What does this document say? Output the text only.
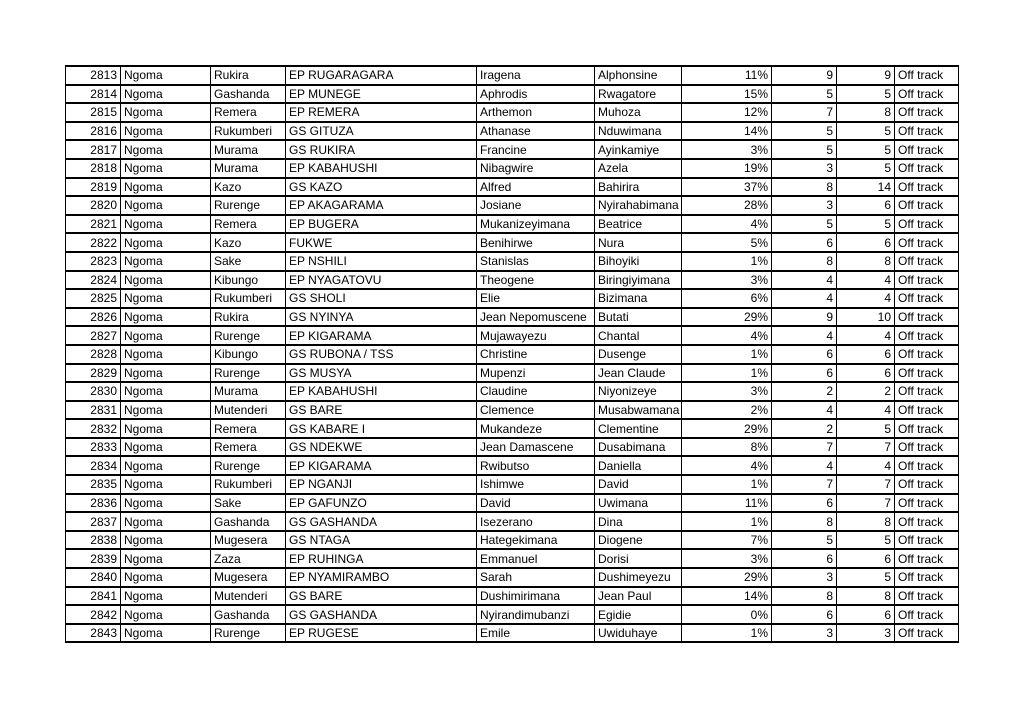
2813	Ngoma	Rukira	EP RUGARAGARA	Iragena	Alphonsine	11%	9	9	Off track
2814	Ngoma	Gashanda	EP MUNEGE	Aphrodis	Rwagatore	15%	5	5	Off track
2815	Ngoma	Remera	EP REMERA	Arthemon	Muhoza	12%	7	8	Off track
2816	Ngoma	Rukumberi	GS GITUZA	Athanase	Nduwimana	14%	5	5	Off track
2817	Ngoma	Murama	GS RUKIRA	Francine	Ayinkamiye	3%	5	5	Off track
2818	Ngoma	Murama	EP KABAHUSHI	Nibagwire	Azela	19%	3	5	Off track
2819	Ngoma	Kazo	GS KAZO	Alfred	Bahirira	37%	8	14	Off track
2820	Ngoma	Rurenge	EP AKAGARAMA	Josiane	Nyirahabimana	28%	3	6	Off track
2821	Ngoma	Remera	EP BUGERA	Mukanizeyimana	Beatrice	4%	5	5	Off track
2822	Ngoma	Kazo	FUKWE	Benihirwe	Nura	5%	6	6	Off track
2823	Ngoma	Sake	EP NSHILI	Stanislas	Bihoyiki	1%	8	8	Off track
2824	Ngoma	Kibungo	EP NYAGATOVU	Theogene	Biringiyimana	3%	4	4	Off track
2825	Ngoma	Rukumberi	GS SHOLI	Elie	Bizimana	6%	4	4	Off track
2826	Ngoma	Rukira	GS NYINYA	Jean Nepomuscene	Butati	29%	9	10	Off track
2827	Ngoma	Rurenge	EP KIGARAMA	Mujawayezu	Chantal	4%	4	4	Off track
2828	Ngoma	Kibungo	GS RUBONA / TSS	Christine	Dusenge	1%	6	6	Off track
2829	Ngoma	Rurenge	GS MUSYA	Mupenzi	Jean Claude	1%	6	6	Off track
2830	Ngoma	Murama	EP KABAHUSHI	Claudine	Niyonizeye	3%	2	2	Off track
2831	Ngoma	Mutenderi	GS BARE	Clemence	Musabwamana	2%	4	4	Off track
2832	Ngoma	Remera	GS KABARE I	Mukandeze	Clementine	29%	2	5	Off track
2833	Ngoma	Remera	GS NDEKWE	Jean Damascene	Dusabimana	8%	7	7	Off track
2834	Ngoma	Rurenge	EP KIGARAMA	Rwibutso	Daniella	4%	4	4	Off track
2835	Ngoma	Rukumberi	EP NGANJI	Ishimwe	David	1%	7	7	Off track
2836	Ngoma	Sake	EP GAFUNZO	David	Uwimana	11%	6	7	Off track
2837	Ngoma	Gashanda	GS GASHANDA	Isezerano	Dina	1%	8	8	Off track
2838	Ngoma	Mugesera	GS NTAGA	Hategekimana	Diogene	7%	5	5	Off track
2839	Ngoma	Zaza	EP RUHINGA	Emmanuel	Dorisi	3%	6	6	Off track
2840	Ngoma	Mugesera	EP NYAMIRAMBO	Sarah	Dushimeyezu	29%	3	5	Off track
2841	Ngoma	Mutenderi	GS BARE	Dushimirimana	Jean Paul	14%	8	8	Off track
2842	Ngoma	Gashanda	GS GASHANDA	Nyirandimubanzi	Egidie	0%	6	6	Off track
2843	Ngoma	Rurenge	EP RUGESE	Emile	Uwiduhaye	1%	3	3	Off track
